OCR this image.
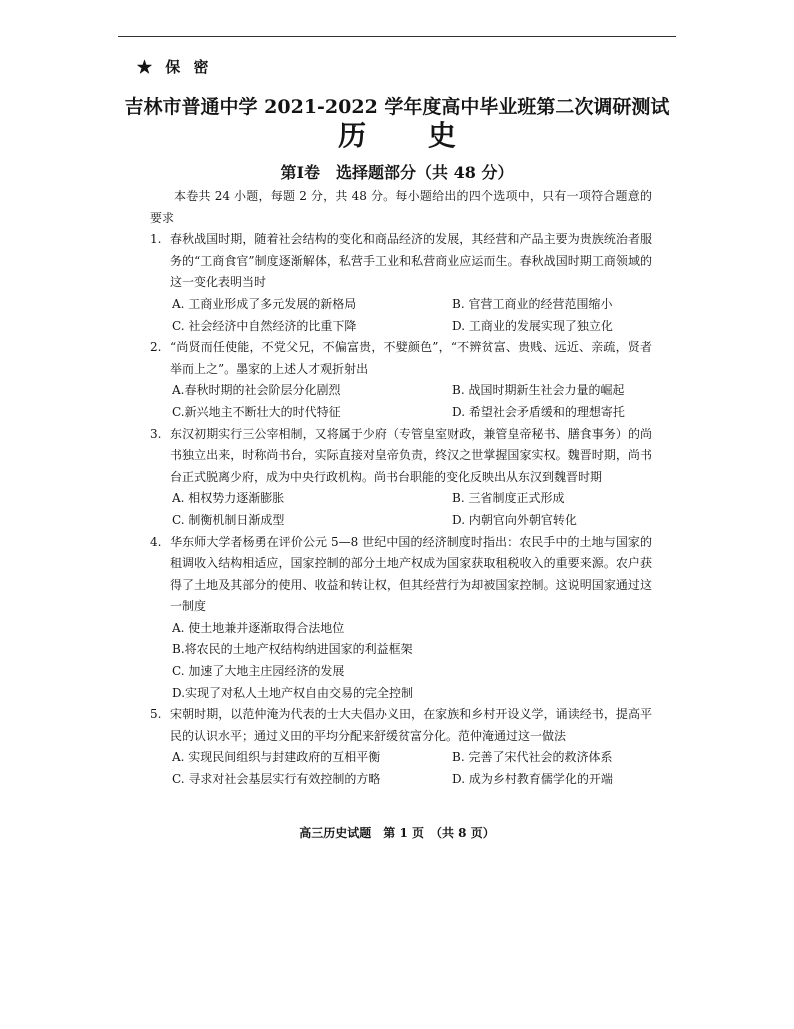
★ 保 密
吉林市普通中学 2021-2022 学年度高中毕业班第二次调研测试
历 史
第Ⅰ卷　选择题部分（共 48 分）

本卷共 24 小题，每题 2 分，共 48 分。每小题给出的四个选项中，只有一项符合题意的要求

1. 春秋战国时期，随着社会结构的变化和商品经济的发展，其经营和产品主要为贵族统治者服务的“工商食官”制度逐渐解体，私营手工业和私营商业应运而生。春秋战国时期工商领域的这一变化表明当时

A. 工商业形成了多元发展的新格局	B. 官营工商业的经营范围缩小
C. 社会经济中自然经济的比重下降	D. 工商业的发展实现了独立化

2. “尚贤而任使能，不党父兄，不偏富贵，不嬖颜色”，“不辨贫富、贵贱、远近、亲疏，贤者举而上之”。墨家的上述人才观折射出

A.春秋时期的社会阶层分化剧烈	B. 战国时期新生社会力量的崛起
C.新兴地主不断壮大的时代特征	D. 希望社会矛盾缓和的理想寄托

3. 东汉初期实行三公宰相制，又将属于少府（专管皇室财政，兼管皇帝秘书、膳食事务）的尚书独立出来，时称尚书台，实际直接对皇帝负责，终汉之世掌握国家实权。魏晋时期，尚书台正式脱离少府，成为中央行政机构。尚书台职能的变化反映出从东汉到魏晋时期

A. 相权势力逐渐膨胀	B. 三省制度正式形成
C. 制衡机制日渐成型	D. 内朝官向外朝官转化

4. 华东师大学者杨勇在评价公元 5—8 世纪中国的经济制度时指出：农民手中的土地与国家的租调收入结构相适应，国家控制的部分土地产权成为国家获取租税收入的重要来源。农户获得了土地及其部分的使用、收益和转让权，但其经营行为却被国家控制。这说明国家通过这一制度

A. 使土地兼并逐渐取得合法地位
B.将农民的土地产权结构纳进国家的利益框架
C. 加速了大地主庄园经济的发展
D.实现了对私人土地产权自由交易的完全控制

5. 宋朝时期，以范仲淹为代表的士大夫倡办义田，在家族和乡村开设义学，诵读经书，提高平民的认识水平；通过义田的平均分配来舒缓贫富分化。范仲淹通过这一做法

A. 实现民间组织与封建政府的互相平衡	B. 完善了宋代社会的救济体系
C. 寻求对社会基层实行有效控制的方略	D. 成为乡村教育儒学化的开端
高三历史试题　第 1 页　（共 8 页）
